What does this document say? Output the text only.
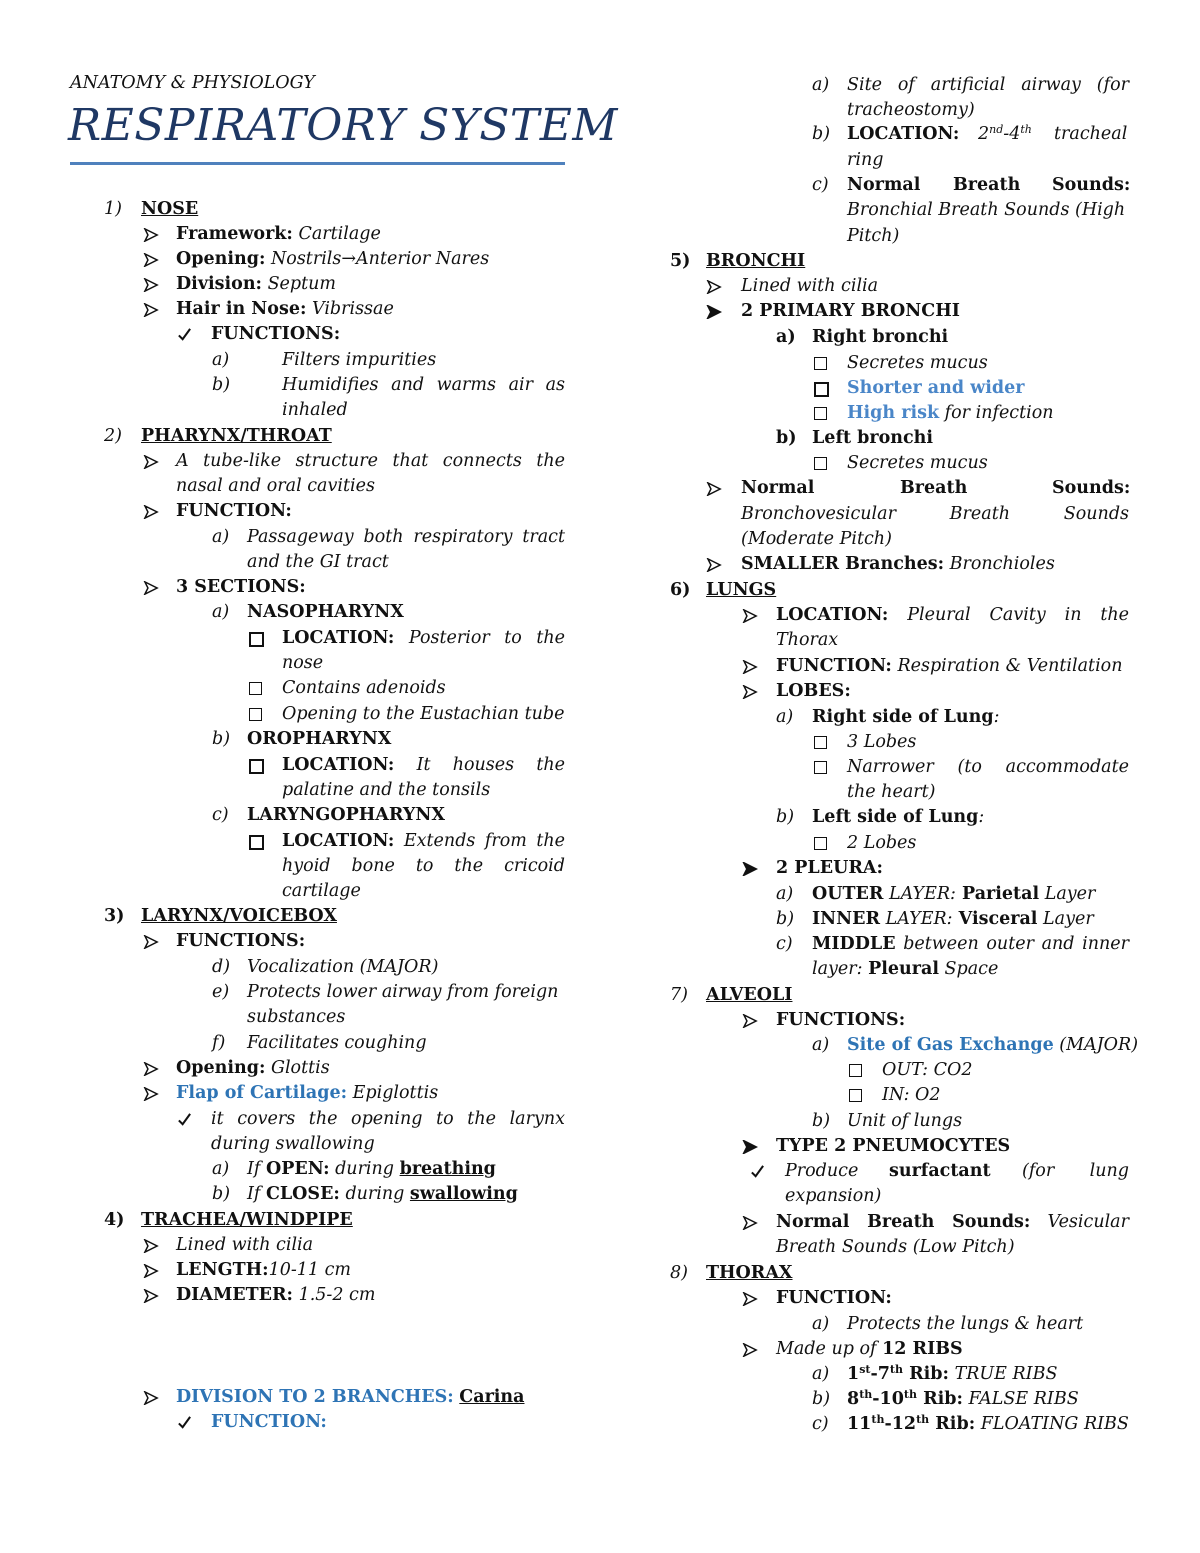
ANATOMY & PHYSIOLOGY
RESPIRATORY SYSTEM
1) NOSE
Framework: Cartilage
Opening: Nostrils→Anterior Nares
Division: Septum
Hair in Nose: Vibrissae
FUNCTIONS:
a)	Filters impurities
b)	Humidifies and warms air as
inhaled
2) PHARYNX/THROAT
A tube-like structure that connects the
nasal and oral cavities
FUNCTION:
a) Passageway both respiratory tract
and the GI tract
3 SECTIONS:
a) NASOPHARYNX
LOCATION: Posterior to the
nose
Contains adenoids
Opening to the Eustachian tube
b) OROPHARYNX
LOCATION: It houses the
palatine and the tonsils
c) LARYNGOPHARYNX
LOCATION: Extends from the
hyoid bone to the cricoid
cartilage
3) LARYNX/VOICEBOX
FUNCTIONS:
d) Vocalization (MAJOR)
e) Protects lower airway from foreign
substances
f) Facilitates coughing
Opening: Glottis
Flap of Cartilage: Epiglottis
it covers the opening to the larynx
during swallowing
a) If OPEN: during breathing
b) If CLOSE: during swallowing
4) TRACHEA/WINDPIPE
Lined with cilia
LENGTH:10-11 cm
DIAMETER: 1.5-2 cm
DIVISION TO 2 BRANCHES: Carina
FUNCTION:
a) Site of artificial airway (for
tracheostomy)
b) LOCATION: 2nd-4th tracheal
ring
c) Normal Breath Sounds:
Bronchial Breath Sounds (High
Pitch)
5) BRONCHI
Lined with cilia
2 PRIMARY BRONCHI
a) Right bronchi
Secretes mucus
Shorter and wider
High risk for infection
b) Left bronchi
Secretes mucus
Normal	Breath	Sounds:
Bronchovesicular Breath Sounds
(Moderate Pitch)
SMALLER Branches: Bronchioles
6) LUNGS
LOCATION: Pleural Cavity in the
Thorax
FUNCTION: Respiration & Ventilation
LOBES:
a) Right side of Lung:
3 Lobes
Narrower (to accommodate
the heart)
b) Left side of Lung:
2 Lobes
2 PLEURA:
a) OUTER LAYER: Parietal Layer
b) INNER LAYER: Visceral Layer
c) MIDDLE between outer and inner
layer: Pleural Space
7) ALVEOLI
FUNCTIONS:
a) Site of Gas Exchange (MAJOR)
OUT: CO2
IN: O2
b) Unit of lungs
TYPE 2 PNEUMOCYTES
Produce surfactant (for lung
expansion)
Normal Breath Sounds: Vesicular
Breath Sounds (Low Pitch)
8) THORAX
FUNCTION:
a) Protects the lungs & heart
Made up of 12 RIBS
a) 1st-7th Rib: TRUE RIBS
b) 8th-10th Rib: FALSE RIBS
c) 11th-12th Rib: FLOATING RIBS
